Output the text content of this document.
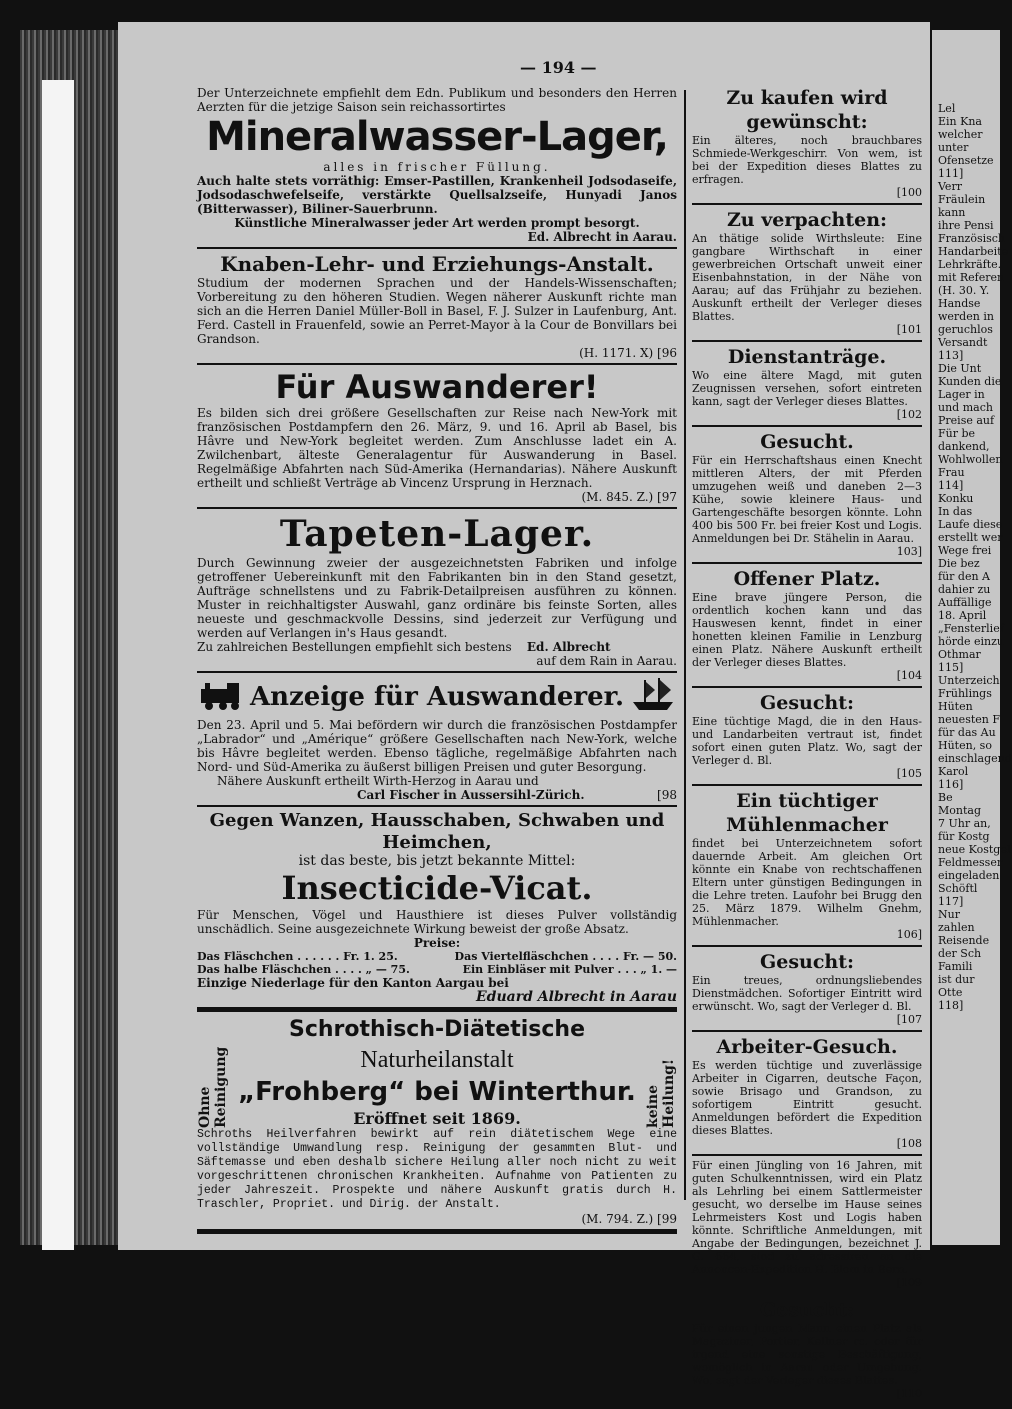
Lel
Ein Kna
welcher
unter
Ofensetze
111]
Verr
Fräulein
kann
ihre Pensi
Französisch
Handarbeite
Lehrkräfte.
mit Referen
(H. 30. Y.
Handse
werden in
geruchlos
Versandt
113]
Die Unt
Kunden die
Lager in
und mach
Preise auf
Für be
dankend,
Wohlwollen
Frau
114]
Konku
In das
Laufe diese
erstellt wer
Wege frei
Die bez
für den A
dahier zu
Auffällige
18. April
„Fensterlief
hörde einzu
Othmar
115]
Unterzeich
Frühlings
Hüten
neuesten F
für das Au
Hüten, so
einschlagend
Karol
116]
Be
Montag
7 Uhr an,
für Kostg
neue Kostgel
Feldmesser
eingeladen
Schöftl
117]
Nur
zahlen
Reisende
der Sch
Famili
ist dur
Otte
118]
— 194 —

Der Unterzeichnete empfiehlt dem Edn. Publikum und besonders den Herren Aerzten für die jetzige Saison sein reichassortirtes

Mineralwasser-Lager,

alles in frischer Füllung.

Auch halte stets vorräthig: Emser-Pastillen, Krankenheil Jodsodaseife, Jodsodaschwefelseife, verstärkte Quellsalzseife, Hunyadi Janos (Bitterwasser), Biliner-Sauerbrunn.

Künstliche Mineralwasser jeder Art werden prompt besorgt.

Ed. Albrecht in Aarau.

Knaben-Lehr- und Erziehungs-Anstalt.

Studium der modernen Sprachen und der Handels-Wissenschaften; Vorbereitung zu den höheren Studien. Wegen näherer Auskunft richte man sich an die Herren Daniel Müller-Boll in Basel, F. J. Sulzer in Laufenburg, Ant. Ferd. Castell in Frauenfeld, sowie an Perret-Mayor à la Cour de Bonvillars bei Grandson.

(H. 1171. X) [96

Für Auswanderer!

Es bilden sich drei größere Gesellschaften zur Reise nach New-York mit französischen Postdampfern den 26. März, 9. und 16. April ab Basel, bis Hâvre und New-York begleitet werden. Zum Anschlusse ladet ein A. Zwilchenbart, älteste Generalagentur für Auswanderung in Basel. Regelmäßige Abfahrten nach Süd-Amerika (Hernandarias). Nähere Auskunft ertheilt und schließt Verträge ab Vincenz Ursprung in Herznach.

(M. 845. Z.) [97

Tapeten-Lager.

Durch Gewinnung zweier der ausgezeichnetsten Fabriken und infolge getroffener Uebereinkunft mit den Fabrikanten bin in den Stand gesetzt, Aufträge schnellstens und zu Fabrik-Detailpreisen ausführen zu können. Muster in reichhaltigster Auswahl, ganz ordinäre bis feinste Sorten, alles neueste und geschmackvolle Dessins, sind jederzeit zur Verfügung und werden auf Verlangen in's Haus gesandt.

Zu zahlreichen Bestellungen empfiehlt sich bestens Ed. Albrecht

auf dem Rain in Aarau.

Anzeige für Auswanderer.

Den 23. April und 5. Mai befördern wir durch die französischen Postdampfer „Labrador“ und „Amérique“ größere Gesellschaften nach New-York, welche bis Hâvre begleitet werden. Ebenso tägliche, regelmäßige Abfahrten nach Nord- und Süd-Amerika zu äußerst billigen Preisen und guter Besorgung.

Nähere Auskunft ertheilt Wirth-Herzog in Aarau und

Carl Fischer in Aussersihl-Zürich.	[98

Gegen Wanzen, Hausschaben, Schwaben und Heimchen,
ist das beste, bis jetzt bekannte Mittel:
Insecticide-Vicat.

Für Menschen, Vögel und Hausthiere ist dieses Pulver vollständig unschädlich. Seine ausgezeichnete Wirkung beweist der große Absatz.

Preise:
Das Fläschchen . . . . . . Fr. 1. 25.	Das Viertelfläschchen . . . . Fr. — 50.
Das halbe Fläschchen . . . . „ — 75.	Ein Einbläser mit Pulver . . . „ 1. —

Einzige Niederlage für den Kanton Aargau bei

Eduard Albrecht in Aarau

Ohne Reinigung	keine Heilung!
Schrothisch-Diätetische
Naturheilanstalt
„Frohberg“ bei Winterthur.
Eröffnet seit 1869.

Schroths Heilverfahren bewirkt auf rein diätetischem Wege eine vollständige Umwandlung resp. Reinigung der gesammten Blut- und Säftemasse und eben deshalb sichere Heilung aller noch nicht zu weit vorgeschrittenen chronischen Krankheiten. Aufnahme von Patienten zu jeder Jahreszeit. Prospekte und nähere Auskunft gratis durch H. Traschler, Propriet. und Dirig. der Anstalt.

(M. 794. Z.) [99

Zu kaufen wird gewünscht:

Ein älteres, noch brauchbares Schmiede-Werkgeschirr. Von wem, ist bei der Expedition dieses Blattes zu erfragen.

[100

Zu verpachten:

An thätige solide Wirthsleute: Eine gangbare Wirthschaft in einer gewerbreichen Ortschaft unweit einer Eisenbahnstation, in der Nähe von Aarau; auf das Frühjahr zu beziehen. Auskunft ertheilt der Verleger dieses Blattes.

[101

Dienstanträge.

Wo eine ältere Magd, mit guten Zeugnissen versehen, sofort eintreten kann, sagt der Verleger dieses Blattes.

[102

Gesucht.

Für ein Herrschaftshaus einen Knecht mittleren Alters, der mit Pferden umzugehen weiß und daneben 2—3 Kühe, sowie kleinere Haus- und Gartengeschäfte besorgen könnte. Lohn 400 bis 500 Fr. bei freier Kost und Logis. Anmeldungen bei Dr. Stähelin in Aarau.

103]

Offener Platz.

Eine brave jüngere Person, die ordentlich kochen kann und das Hauswesen kennt, findet in einer honetten kleinen Familie in Lenzburg einen Platz. Nähere Auskunft ertheilt der Verleger dieses Blattes.

[104

Gesucht:

Eine tüchtige Magd, die in den Haus- und Landarbeiten vertraut ist, findet sofort einen guten Platz. Wo, sagt der Verleger d. Bl.

[105

Ein tüchtiger Mühlenmacher

findet bei Unterzeichnetem sofort dauernde Arbeit. Am gleichen Ort könnte ein Knabe von rechtschaffenen Eltern unter günstigen Bedingungen in die Lehre treten. Laufohr bei Brugg den 25. März 1879. Wilhelm Gnehm, Mühlenmacher.

106]

Gesucht:

Ein treues, ordnungsliebendes Dienstmädchen. Sofortiger Eintritt wird erwünscht. Wo, sagt der Verleger d. Bl.

[107

Arbeiter-Gesuch.

Es werden tüchtige und zuverlässige Arbeiter in Cigarren, deutsche Façon, sowie Brisago und Grandson, zu sofortigem Eintritt gesucht. Anmeldungen befördert die Expedition dieses Blattes.

[108

Für einen Jüngling von 16 Jahren, mit guten Schulkenntnissen, wird ein Platz als Lehrling bei einem Sattlermeister gesucht, wo derselbe im Hause seines Lehrmeisters Kost und Logis haben könnte. Schriftliche Anmeldungen, mit Angabe der Bedingungen, bezeichnet J. G. 664, sind zu adressiren an die Annoncen-Expedition H. Blom in Bern.

[109

Gesucht:

Für einen jungen Mann einen Platz als Magaziner, Portier, Kellner rc. oder für irgend eine sonstige Beschäftigung, womöglich in Aarau oder Umgebung. Wo, sagt der Verleger dieses Blattes.

[110
